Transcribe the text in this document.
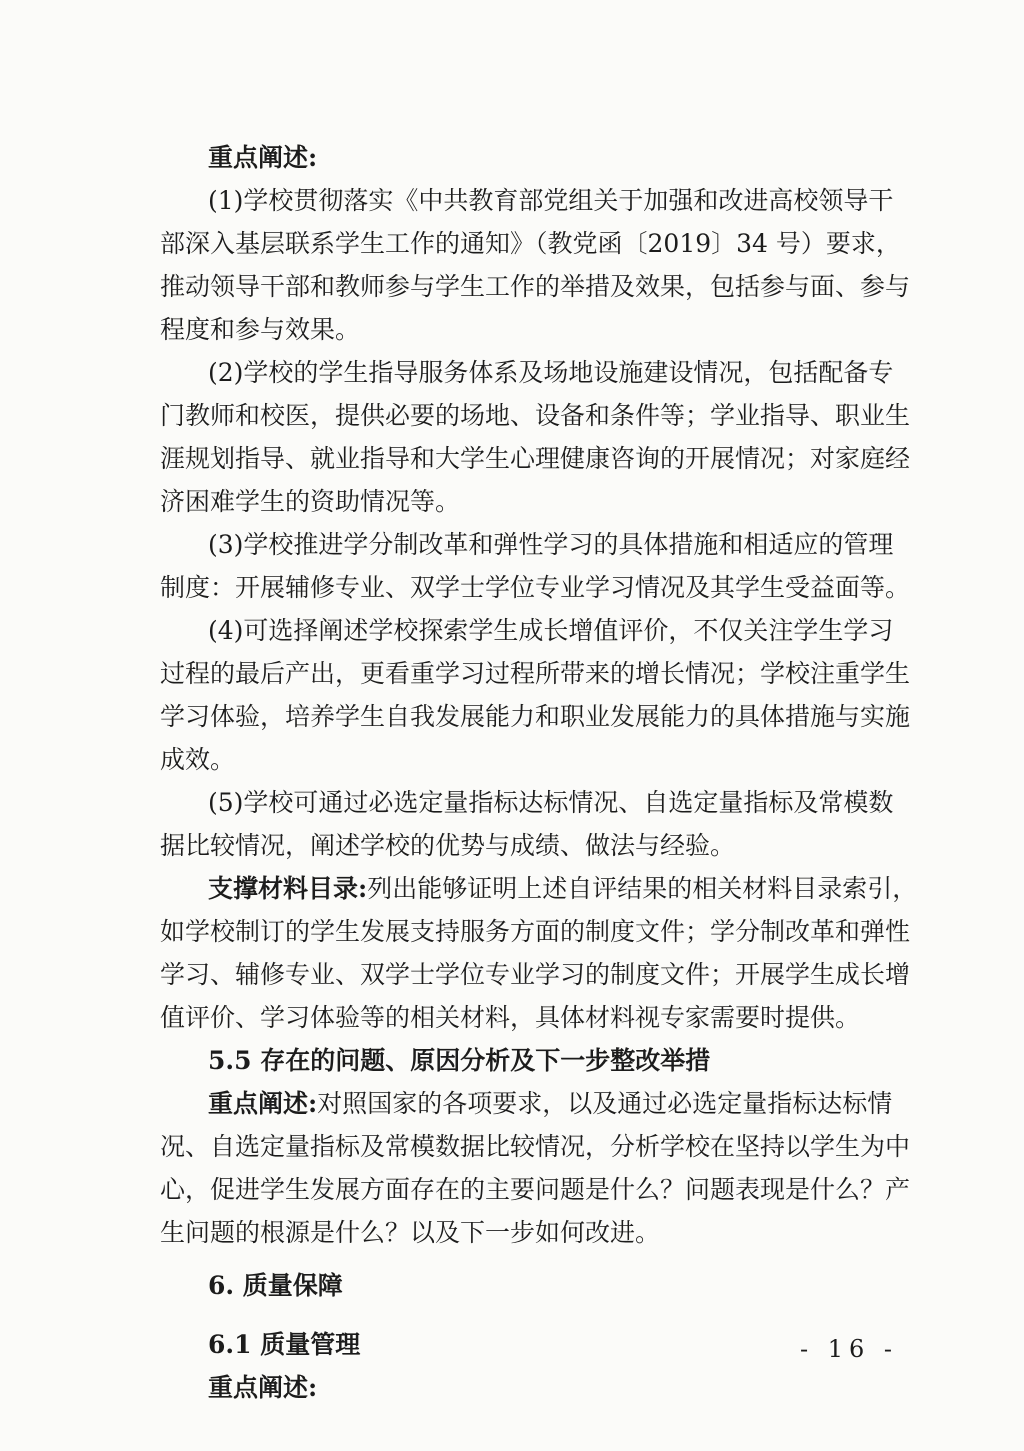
重点阐述:
(1)学校贯彻落实《中共教育部党组关于加强和改进高校领导干
部深入基层联系学生工作的通知》（教党函〔2019〕34 号）要求，
推动领导干部和教师参与学生工作的举措及效果，包括参与面、参与
程度和参与效果。
(2)学校的学生指导服务体系及场地设施建设情况，包括配备专
门教师和校医，提供必要的场地、设备和条件等；学业指导、职业生
涯规划指导、就业指导和大学生心理健康咨询的开展情况；对家庭经
济困难学生的资助情况等。
(3)学校推进学分制改革和弹性学习的具体措施和相适应的管理
制度：开展辅修专业、双学士学位专业学习情况及其学生受益面等。
(4)可选择阐述学校探索学生成长增值评价，不仅关注学生学习
过程的最后产出，更看重学习过程所带来的增长情况；学校注重学生
学习体验，培养学生自我发展能力和职业发展能力的具体措施与实施
成效。
(5)学校可通过必选定量指标达标情况、自选定量指标及常模数
据比较情况，阐述学校的优势与成绩、做法与经验。
支撑材料目录:列出能够证明上述自评结果的相关材料目录索引，
如学校制订的学生发展支持服务方面的制度文件；学分制改革和弹性
学习、辅修专业、双学士学位专业学习的制度文件；开展学生成长增
值评价、学习体验等的相关材料，具体材料视专家需要时提供。
5.5 存在的问题、原因分析及下一步整改举措
重点阐述:对照国家的各项要求，以及通过必选定量指标达标情
况、自选定量指标及常模数据比较情况，分析学校在坚持以学生为中
心，促进学生发展方面存在的主要问题是什么？问题表现是什么？产
生问题的根源是什么？以及下一步如何改进。
6. 质量保障
6.1 质量管理
重点阐述:
- 16 -
